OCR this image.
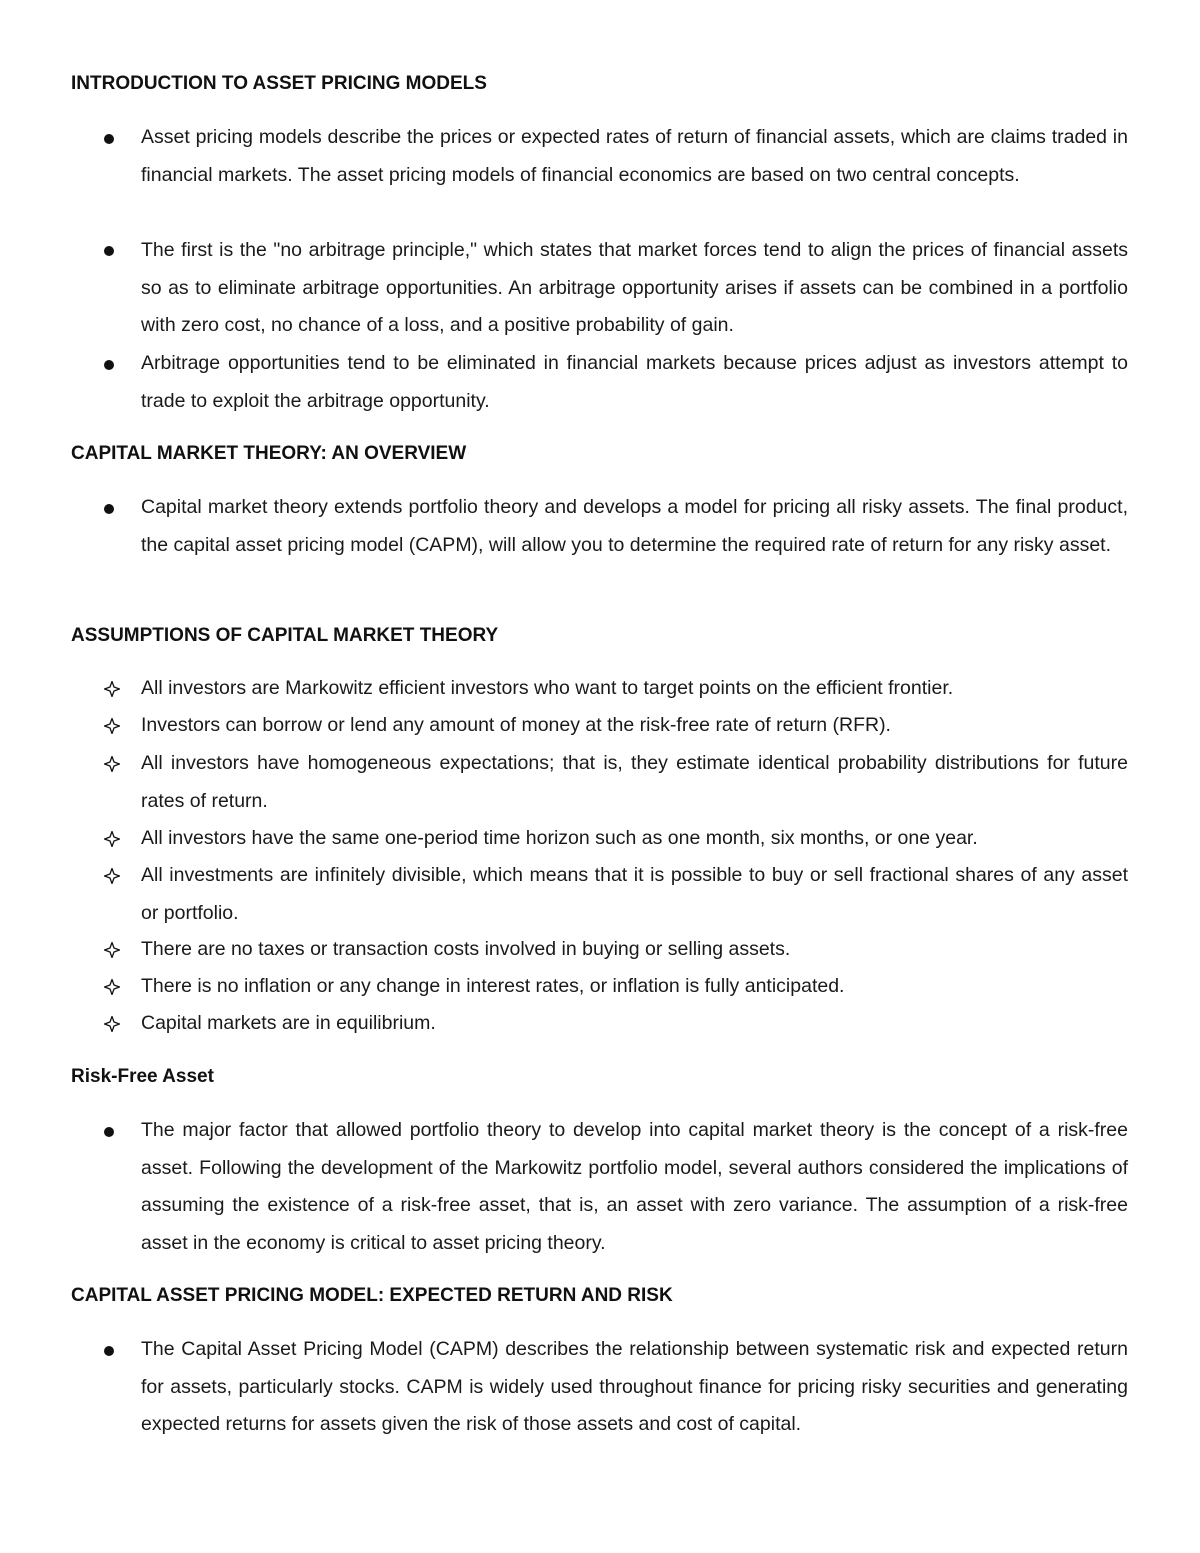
INTRODUCTION TO ASSET PRICING MODELS

Asset pricing models describe the prices or expected rates of return of financial assets, which are claims traded in financial markets. The asset pricing models of financial economics are based on two central concepts.

The first is the "no arbitrage principle," which states that market forces tend to align the prices of financial assets so as to eliminate arbitrage opportunities. An arbitrage opportunity arises if assets can be combined in a portfolio with zero cost, no chance of a loss, and a positive probability of gain.

Arbitrage opportunities tend to be eliminated in financial markets because prices adjust as investors attempt to trade to exploit the arbitrage opportunity.

CAPITAL MARKET THEORY: AN OVERVIEW

Capital market theory extends portfolio theory and develops a model for pricing all risky assets. The final product, the capital asset pricing model (CAPM), will allow you to determine the required rate of return for any risky asset.

ASSUMPTIONS OF CAPITAL MARKET THEORY

All investors are Markowitz efficient investors who want to target points on the efficient frontier.

Investors can borrow or lend any amount of money at the risk-free rate of return (RFR).

All investors have homogeneous expectations; that is, they estimate identical probability distributions for future rates of return.

All investors have the same one-period time horizon such as one month, six months, or one year.

All investments are infinitely divisible, which means that it is possible to buy or sell fractional shares of any asset or portfolio.

There are no taxes or transaction costs involved in buying or selling assets.

There is no inflation or any change in interest rates, or inflation is fully anticipated.

Capital markets are in equilibrium.

Risk-Free Asset

The major factor that allowed portfolio theory to develop into capital market theory is the concept of a risk-free asset. Following the development of the Markowitz portfolio model, several authors considered the implications of assuming the existence of a risk-free asset, that is, an asset with zero variance. The assumption of a risk-free asset in the economy is critical to asset pricing theory.

CAPITAL ASSET PRICING MODEL: EXPECTED RETURN AND RISK

The Capital Asset Pricing Model (CAPM) describes the relationship between systematic risk and expected return for assets, particularly stocks. CAPM is widely used throughout finance for pricing risky securities and generating expected returns for assets given the risk of those assets and cost of capital.
